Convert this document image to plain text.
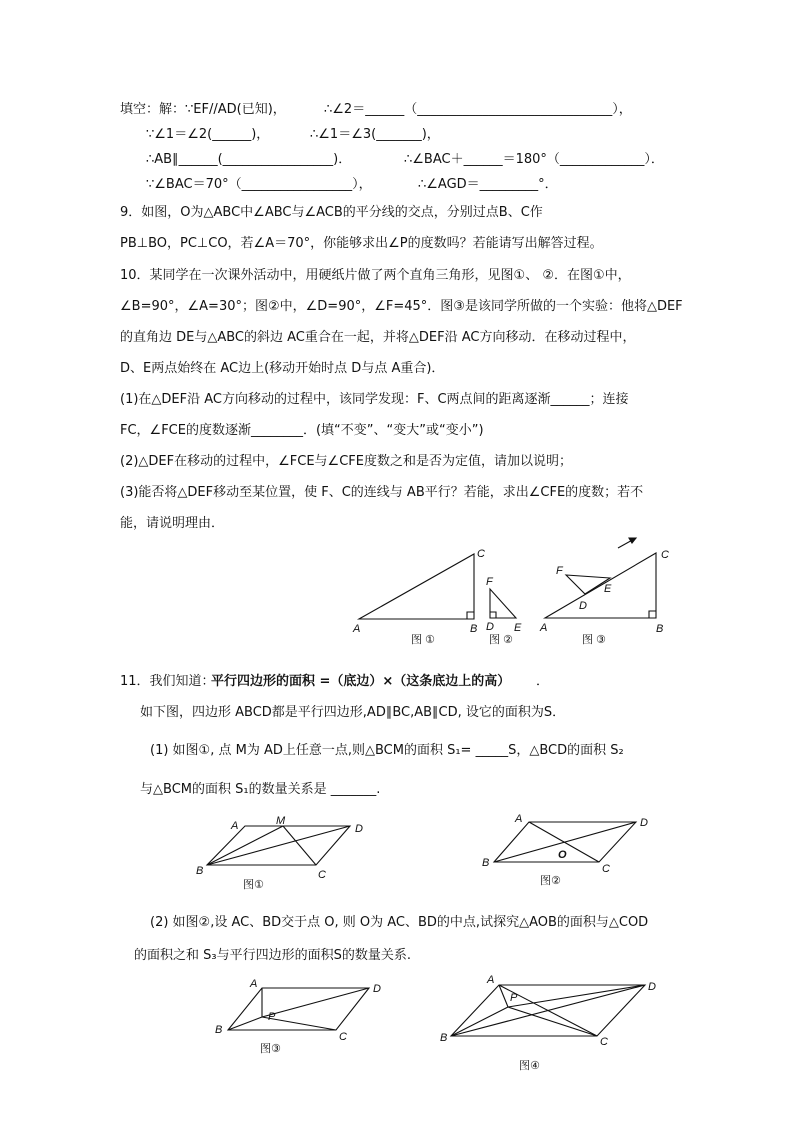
填空：解：∵EF//AD(已知)，	∴∠2＝______（______________________________），
∵∠1＝∠2(______)，	∴∠1＝∠3(_______)，
∴AB∥______(_________________)．	∴∠BAC＋______＝180°（_____________）．
∵∠BAC＝70°（_________________），	∴∠AGD＝_________°．
9．如图，O为△ABC中∠ABC与∠ACB的平分线的交点，分别过点B、C作
PB⊥BO，PC⊥CO，若∠A＝70°，你能够求出∠P的度数吗？若能请写出解答过程。
10．某同学在一次课外活动中，用硬纸片做了两个直角三角形，见图①、 ②．在图①中，
∠B=90°，∠A=30°；图②中，∠D=90°，∠F=45°．图③是该同学所做的一个实验：他将△DEF
的直角边 DE与△ABC的斜边 AC重合在一起，并将△DEF沿 AC方向移动．在移动过程中，
D、E两点始终在 AC边上(移动开始时点 D与点 A重合)．
(1)在△DEF沿 AC方向移动的过程中，该同学发现：F、C两点间的距离逐渐______；连接
FC，∠FCE的度数逐渐________．(填“不变”、“变大”或“变小”)
(2)△DEF在移动的过程中，∠FCE与∠CFE度数之和是否为定值，请加以说明；
(3)能否将△DEF移动至某位置，使 F、C的连线与 AB平行？若能，求出∠CFE的度数；若不
能，请说明理由．
A	B
C
图 ①
F
D E
图 ②
F
D
E
A	B
C
图 ③
11．我们知道：
平行四边形的面积 =（底边）×（这条底边上的高） ．
如下图，四边形 ABCD都是平行四边形,AD∥BC,AB∥CD, 设它的面积为S．
(1) 如图①, 点 M为 AD上任意一点,则△BCM的面积 S₁= _____S，△BCD的面积 S₂
与△BCM的面积 S₁的数量关系是 _______.
(2) 如图②,设 AC、BD交于点 O, 则 O为 AC、BD的中点,试探究△AOB的面积与△COD
的面积之和 S₃与平行四边形的面积S的数量关系.
A	M
D
B	C
图①
A	D
B	C
O
图②
A	D
B
C
P
图③
A
D
B	C
P
图④
